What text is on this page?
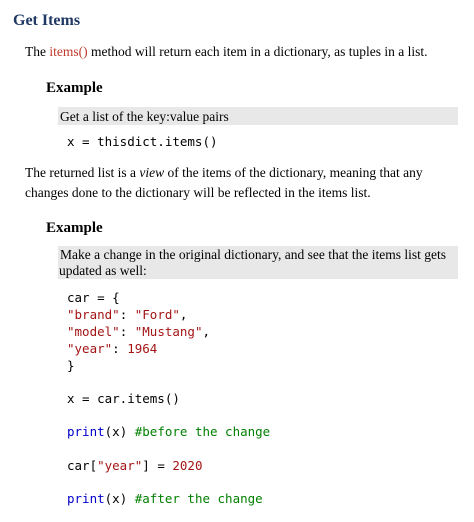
Get Items
The items() method will return each item in a dictionary, as tuples in a list.
Example
Get a list of the key:value pairs
x = thisdict.items()
The returned list is a view of the items of the dictionary, meaning that any
changes done to the dictionary will be reflected in the items list.
Example
Make a change in the original dictionary, and see that the items list gets
updated as well:
car = {
"brand": "Ford",
"model": "Mustang",
"year": 1964
}
x = car.items()
print(x) #before the change
car["year"] = 2020
print(x) #after the change
